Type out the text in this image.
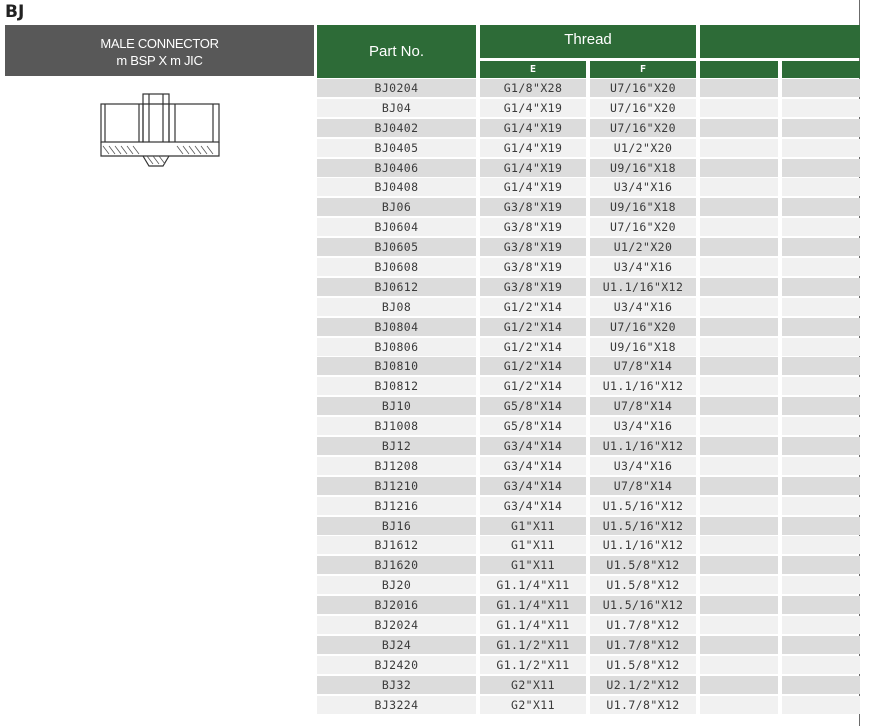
BJ
MALE CONNECTOR
m BSP X m JIC
Part No.
Thread
E	F
BJ0204	G1/8"X28	U7/16"X20
BJ04	G1/4"X19	U7/16"X20
BJ0402	G1/4"X19	U7/16"X20
BJ0405	G1/4"X19	U1/2"X20
BJ0406	G1/4"X19	U9/16"X18
BJ0408	G1/4"X19	U3/4"X16
BJ06	G3/8"X19	U9/16"X18
BJ0604	G3/8"X19	U7/16"X20
BJ0605	G3/8"X19	U1/2"X20
BJ0608	G3/8"X19	U3/4"X16
BJ0612	G3/8"X19	U1.1/16"X12
BJ08	G1/2"X14	U3/4"X16
BJ0804	G1/2"X14	U7/16"X20
BJ0806	G1/2"X14	U9/16"X18
BJ0810	G1/2"X14	U7/8"X14
BJ0812	G1/2"X14	U1.1/16"X12
BJ10	G5/8"X14	U7/8"X14
BJ1008	G5/8"X14	U3/4"X16
BJ12	G3/4"X14	U1.1/16"X12
BJ1208	G3/4"X14	U3/4"X16
BJ1210	G3/4"X14	U7/8"X14
BJ1216	G3/4"X14	U1.5/16"X12
BJ16	G1"X11	U1.5/16"X12
BJ1612	G1"X11	U1.1/16"X12
BJ1620	G1"X11	U1.5/8"X12
BJ20	G1.1/4"X11	U1.5/8"X12
BJ2016	G1.1/4"X11	U1.5/16"X12
BJ2024	G1.1/4"X11	U1.7/8"X12
BJ24	G1.1/2"X11	U1.7/8"X12
BJ2420	G1.1/2"X11	U1.5/8"X12
BJ32	G2"X11	U2.1/2"X12
BJ3224	G2"X11	U1.7/8"X12
